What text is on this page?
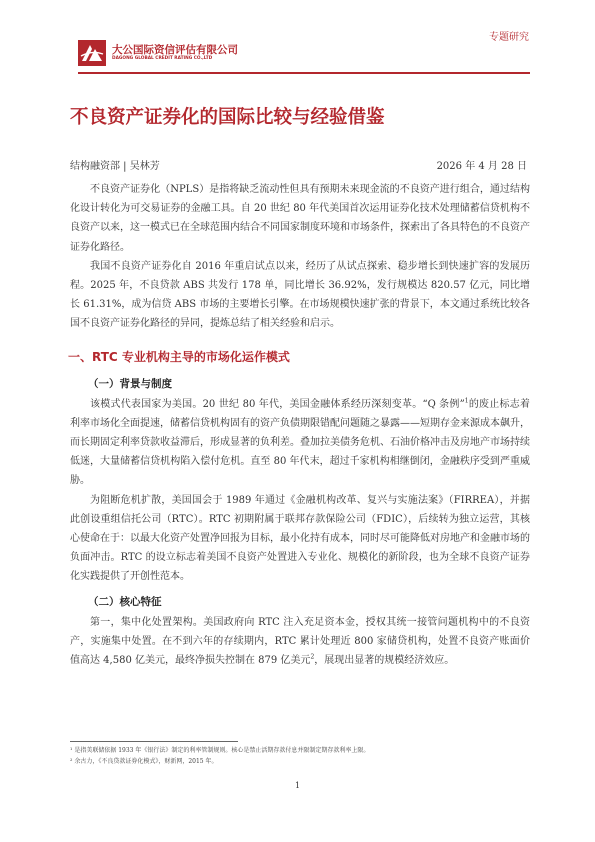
大公国际资信评估有限公司
DAGONG GLOBAL CREDIT RATING CO.,LTD
专题研究
不良资产证券化的国际比较与经验借鉴
结构融资部 | 吴林芳	2026 年 4 月 28 日

不良资产证券化（NPLS）是指将缺乏流动性但具有预期未来现金流的不良资产进行组合，通过结构化设计转化为可交易证券的金融工具。自 20 世纪 80 年代美国首次运用证券化技术处理储蓄信贷机构不良资产以来，这一模式已在全球范围内结合不同国家制度环境和市场条件，探索出了各具特色的不良资产证券化路径。

我国不良资产证券化自 2016 年重启试点以来，经历了从试点探索、稳步增长到快速扩容的发展历程。2025 年，不良贷款 ABS 共发行 178 单，同比增长 36.92%，发行规模达 820.57 亿元，同比增长 61.31%，成为信贷 ABS 市场的主要增长引擎。在市场规模快速扩张的背景下，本文通过系统比较各国不良资产证券化路径的异同，提炼总结了相关经验和启示。

一、RTC 专业机构主导的市场化运作模式
（一）背景与制度

该模式代表国家为美国。20 世纪 80 年代，美国金融体系经历深刻变革。“Q 条例”$^1$的废止标志着利率市场化全面提速，储蓄信贷机构固有的资产负债期限错配问题随之暴露——短期存金来源成本飙升，而长期固定利率贷款收益滞后，形成显著的负利差。叠加拉美债务危机、石油价格冲击及房地产市场持续低迷，大量储蓄信贷机构陷入偿付危机。直至 80 年代末，超过千家机构相继倒闭，金融秩序受到严重威胁。

为阻断危机扩散，美国国会于 1989 年通过《金融机构改革、复兴与实施法案》（FIRREA），并据此创设重组信托公司（RTC）。RTC 初期附属于联邦存款保险公司（FDIC），后续转为独立运营，其核心使命在于：以最大化资产处置净回报为目标，最小化持有成本，同时尽可能降低对房地产和金融市场的负面冲击。RTC 的设立标志着美国不良资产处置进入专业化、规模化的新阶段，也为全球不良资产证券化实践提供了开创性范本。

（二）核心特征

第一，集中化处置架构。美国政府向 RTC 注入充足资本金，授权其统一接管问题机构中的不良资产，实施集中处置。在不到六年的存续期内，RTC 累计处理近 800 家储贷机构，处置不良资产账面价值高达 4,580 亿美元，最终净损失控制在 879 亿美元$^2$，展现出显著的规模经济效应。

¹ 是指美联储依据 1933 年《银行法》制定的利率管制规则。核心是禁止活期存款付息并限制定期存款利率上限。
² 余古力，《不良贷款证券化模式》，财新网，2015 年。
1
